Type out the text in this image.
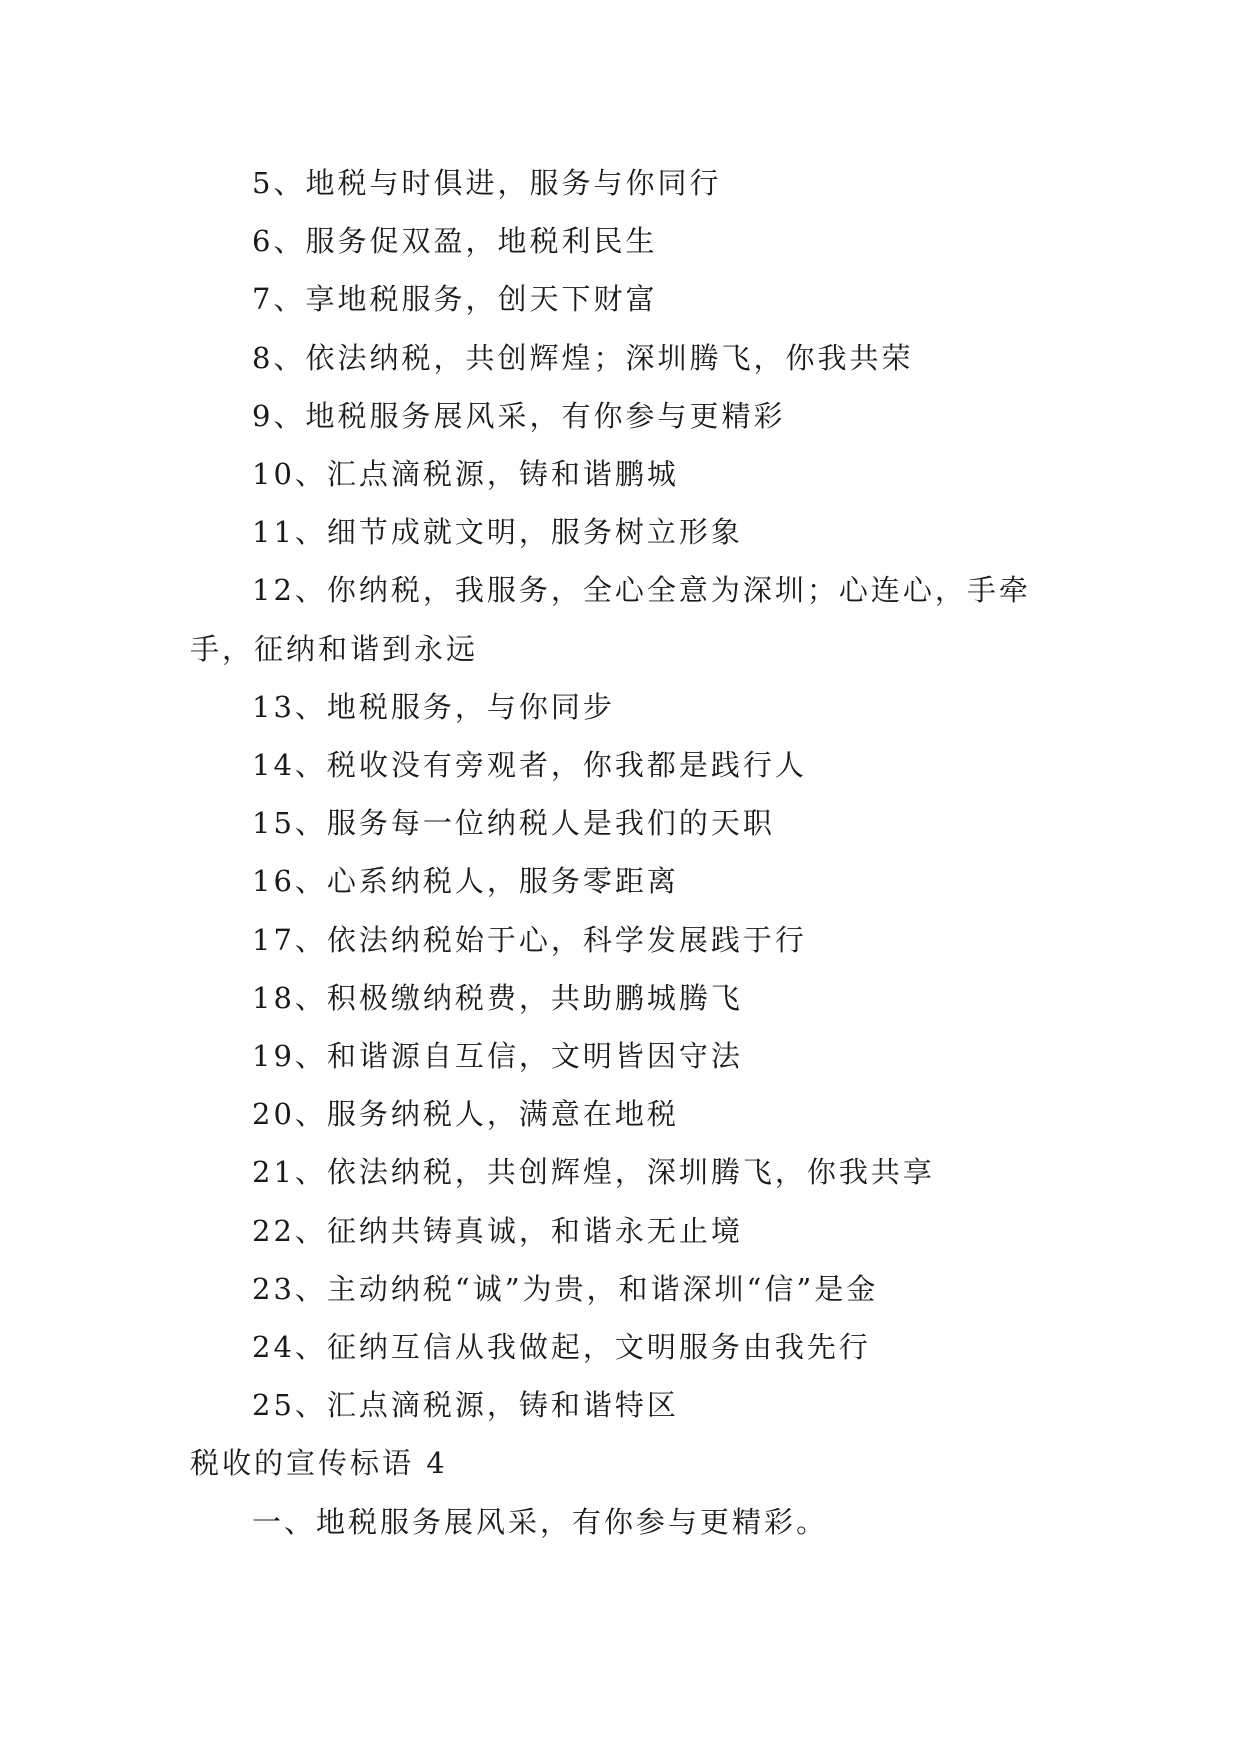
5、地税与时俱进，服务与你同行
6、服务促双盈，地税利民生
7、享地税服务，创天下财富
8、依法纳税，共创辉煌；深圳腾飞，你我共荣
9、地税服务展风采，有你参与更精彩
10、汇点滴税源，铸和谐鹏城
11、细节成就文明，服务树立形象
12、你纳税，我服务，全心全意为深圳；心连心，手牵
手，征纳和谐到永远
13、地税服务，与你同步
14、税收没有旁观者，你我都是践行人
15、服务每一位纳税人是我们的天职
16、心系纳税人，服务零距离
17、依法纳税始于心，科学发展践于行
18、积极缴纳税费，共助鹏城腾飞
19、和谐源自互信，文明皆因守法
20、服务纳税人，满意在地税
21、依法纳税，共创辉煌，深圳腾飞，你我共享
22、征纳共铸真诚，和谐永无止境
23、主动纳税“诚”为贵，和谐深圳“信”是金
24、征纳互信从我做起，文明服务由我先行
25、汇点滴税源，铸和谐特区
税收的宣传标语 4
一、地税服务展风采，有你参与更精彩。
